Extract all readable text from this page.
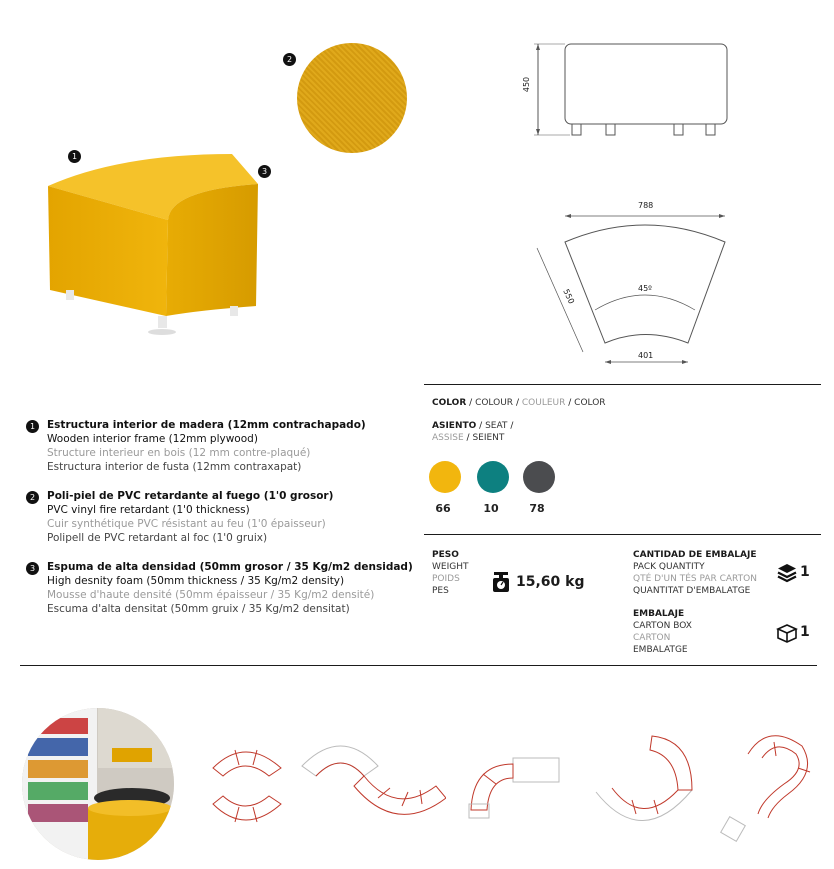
1
3
2
450
788
550	45º
401
1	Estructura interior de madera (12mm contrachapado)
Wooden interior frame (12mm plywood)
Structure interieur en bois (12 mm contre-plaqué)
Estructura interior de fusta (12mm contraxapat)
2	Poli-piel de PVC retardante al fuego (1'0 grosor)
PVC vinyl fire retardant (1'0 thickness)
Cuir synthétique PVC résistant au feu (1'0 épaisseur)
Polipell de PVC retardant al foc (1'0 gruix)
3	Espuma de alta densidad (50mm grosor / 35 Kg/m2 densidad)
High desnity foam (50mm thickness / 35 Kg/m2 density)
Mousse d'haute densité (50mm épaisseur / 35 Kg/m2 densité)
Escuma d'alta densitat (50mm gruix / 35 Kg/m2 densitat)
COLOR / COLOUR / COULEUR / COLOR
ASIENTO / SEAT /
ASSISE / SEIENT
66	10	78
PESO
WEIGHT
POIDS
PES
15,60 kg
CANTIDAD DE EMBALAJE
PACK QUANTITY
QTÉ D'UN TÉS PAR CARTON
QUANTITAT D'EMBALATGE
1
EMBALAJE
CARTON BOX
CARTON
EMBALATGE
1
